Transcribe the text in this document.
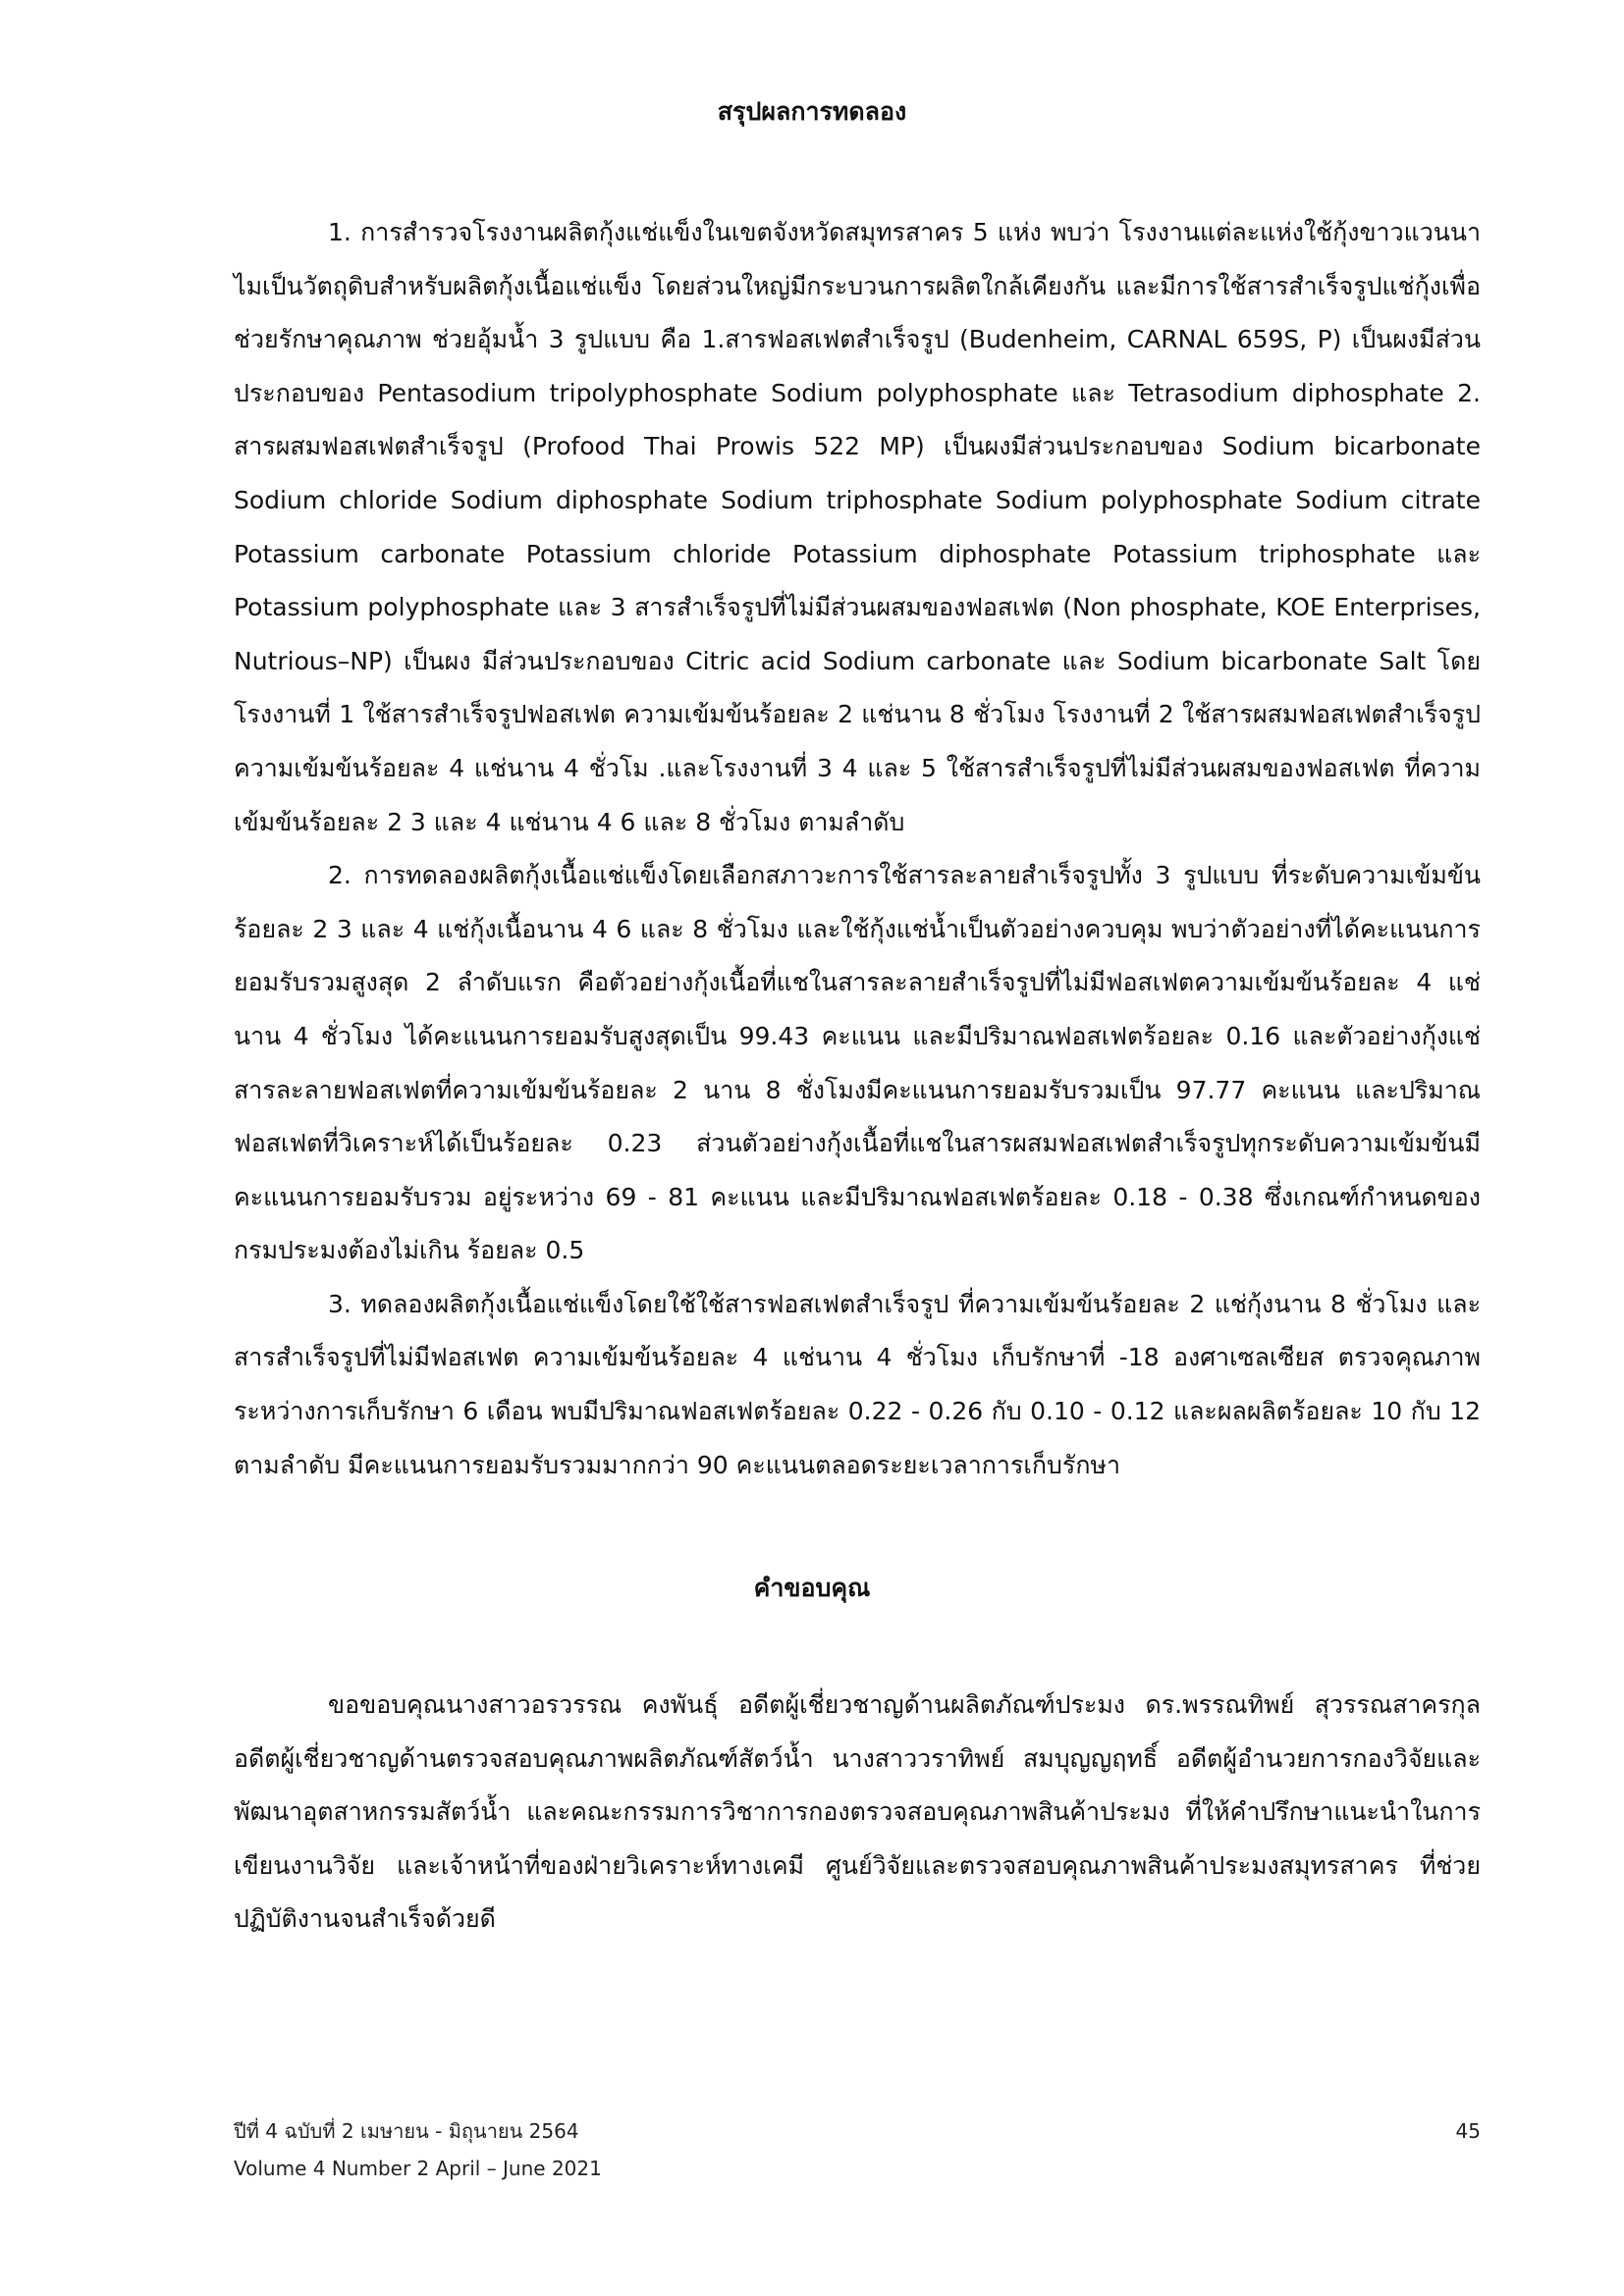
สรุปผลการทดลอง

1. การสำรวจโรงงานผลิตกุ้งแช่แข็งในเขตจังหวัดสมุทรสาคร 5 แห่ง พบว่า โรงงานแต่ละแห่งใช้กุ้งขาวแวนนาไมเป็นวัตถุดิบสำหรับผลิตกุ้งเนื้อแช่แข็ง โดยส่วนใหญ่มีกระบวนการผลิตใกล้เคียงกัน และมีการใช้สารสำเร็จรูปแช่กุ้งเพื่อช่วยรักษาคุณภาพ ช่วยอุ้มน้ำ 3 รูปแบบ คือ 1.สารฟอสเฟตสำเร็จรูป (Budenheim, CARNAL 659S, P) เป็นผงมีส่วนประกอบของ Pentasodium tripolyphosphate Sodium polyphosphate และ Tetrasodium diphosphate 2. สารผสมฟอสเฟตสำเร็จรูป (Profood Thai Prowis 522 MP) เป็นผงมีส่วนประกอบของ Sodium bicarbonate Sodium chloride Sodium diphosphate Sodium triphosphate Sodium polyphosphate Sodium citrate Potassium carbonate Potassium chloride Potassium diphosphate Potassium triphosphate และ Potassium polyphosphate และ 3 สารสำเร็จรูปที่ไม่มีส่วนผสมของฟอสเฟต (Non phosphate, KOE Enterprises, Nutrious–NP) เป็นผง มีส่วนประกอบของ Citric acid Sodium carbonate และ Sodium bicarbonate Salt โดยโรงงานที่ 1 ใช้สารสำเร็จรูปฟอสเฟต ความเข้มข้นร้อยละ 2 แช่นาน 8 ชั่วโมง โรงงานที่ 2 ใช้สารผสมฟอสเฟตสำเร็จรูป ความเข้มข้นร้อยละ 4 แช่นาน 4 ชั่วโม .และโรงงานที่ 3 4 และ 5 ใช้สารสำเร็จรูปที่ไม่มีส่วนผสมของฟอสเฟต ที่ความเข้มข้นร้อยละ 2 3 และ 4 แช่นาน 4 6 และ 8 ชั่วโมง ตามลำดับ

2. การทดลองผลิตกุ้งเนื้อแช่แข็งโดยเลือกสภาวะการใช้สารละลายสำเร็จรูปทั้ง 3 รูปแบบ ที่ระดับความเข้มข้นร้อยละ 2 3 และ 4 แช่กุ้งเนื้อนาน 4 6 และ 8 ชั่วโมง และใช้กุ้งแช่น้ำเป็นตัวอย่างควบคุม พบว่าตัวอย่างที่ได้คะแนนการยอมรับรวมสูงสุด 2 ลำดับแรก คือตัวอย่างกุ้งเนื้อที่แชในสารละลายสำเร็จรูปที่ไม่มีฟอสเฟตความเข้มข้นร้อยละ 4 แช่นาน 4 ชั่วโมง ได้คะแนนการยอมรับสูงสุดเป็น 99.43 คะแนน และมีปริมาณฟอสเฟตร้อยละ 0.16 และตัวอย่างกุ้งแช่สารละลายฟอสเฟตที่ความเข้มข้นร้อยละ 2 นาน 8 ชั่งโมงมีคะแนนการยอมรับรวมเป็น 97.77 คะแนน และปริมาณฟอสเฟตที่วิเคราะห์ได้เป็นร้อยละ 0.23 ส่วนตัวอย่างกุ้งเนื้อที่แชในสารผสมฟอสเฟตสำเร็จรูปทุกระดับความเข้มข้นมีคะแนนการยอมรับรวม อยู่ระหว่าง 69 - 81 คะแนน และมีปริมาณฟอสเฟตร้อยละ 0.18 - 0.38 ซึ่งเกณฑ์กำหนดของกรมประมงต้องไม่เกิน ร้อยละ 0.5

3. ทดลองผลิตกุ้งเนื้อแช่แข็งโดยใช้ใช้สารฟอสเฟตสำเร็จรูป ที่ความเข้มข้นร้อยละ 2 แช่กุ้งนาน 8 ชั่วโมง และสารสำเร็จรูปที่ไม่มีฟอสเฟต ความเข้มข้นร้อยละ 4 แช่นาน 4 ชั่วโมง เก็บรักษาที่ -18 องศาเซลเซียส ตรวจคุณภาพระหว่างการเก็บรักษา 6 เดือน พบมีปริมาณฟอสเฟตร้อยละ 0.22 - 0.26 กับ 0.10 - 0.12 และผลผลิตร้อยละ 10 กับ 12 ตามลำดับ มีคะแนนการยอมรับรวมมากกว่า 90 คะแนนตลอดระยะเวลาการเก็บรักษา

คำขอบคุณ

ขอขอบคุณนางสาวอรวรรณ คงพันธุ์ อดีตผู้เชี่ยวชาญด้านผลิตภัณฑ์ประมง ดร.พรรณทิพย์ สุวรรณสาครกุล อดีตผู้เชี่ยวชาญด้านตรวจสอบคุณภาพผลิตภัณฑ์สัตว์น้ำ นางสาววราทิพย์ สมบุญญฤทธิ์ อดีตผู้อำนวยการกองวิจัยและพัฒนาอุตสาหกรรมสัตว์น้ำ และคณะกรรมการวิชาการกองตรวจสอบคุณภาพสินค้าประมง ที่ให้คำปรึกษาแนะนำในการเขียนงานวิจัย และเจ้าหน้าที่ของฝ่ายวิเคราะห์ทางเคมี ศูนย์วิจัยและตรวจสอบคุณภาพสินค้าประมงสมุทรสาคร ที่ช่วยปฏิบัติงานจนสำเร็จด้วยดี

ปีที่ 4 ฉบับที่ 2 เมษายน - มิถุนายน 2564
Volume 4 Number 2 April – June 2021
45
